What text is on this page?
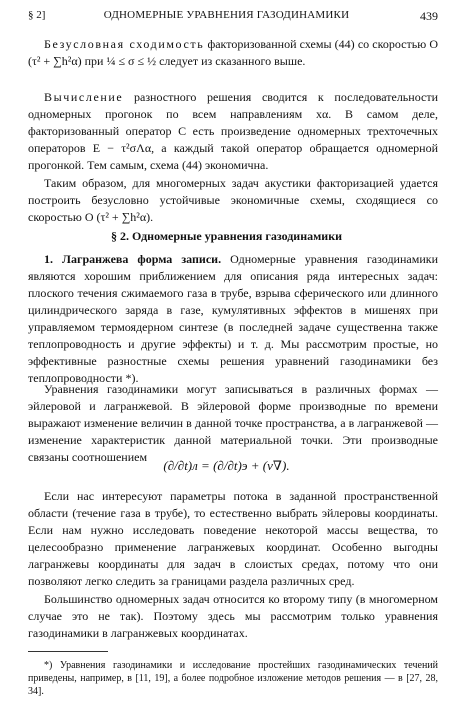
§ 2]	ОДНОМЕРНЫЕ УРАВНЕНИЯ ГАЗОДИНАМИКИ	439

Безусловная сходимость факторизованной схемы (44) со скоростью O (τ² + ∑h²α) при ¼ ≤ σ ≤ ½ следует из сказанного выше.

Вычисление разностного решения сводится к последовательности одномерных прогонок по всем направлениям xα. В самом деле, факторизованный оператор C есть произведение одномерных трехточечных операторов E − τ²σΛα, а каждый такой оператор обращается одномерной прогонкой. Тем самым, схема (44) экономична.

Таким образом, для многомерных задач акустики факторизацией удается построить безусловно устойчивые экономичные схемы, сходящиеся со скоростью O (τ² + ∑h²α).

§ 2. Одномерные уравнения газодинамики

1. Лагранжева форма записи. Одномерные уравнения газодинамики являются хорошим приближением для описания ряда интересных задач: плоского течения сжимаемого газа в трубе, взрыва сферического или длинного цилиндрического заряда в газе, кумулятивных эффектов в мишенях при управляемом термоядерном синтезе (в последней задаче существенна также теплопроводность и другие эффекты) и т. д. Мы рассмотрим простые, но эффективные разностные схемы решения уравнений газодинамики без теплопроводности *).

Уравнения газодинамики могут записываться в различных формах — эйлеровой и лагранжевой. В эйлеровой форме производные по времени выражают изменение величин в данной точке пространства, а в лагранжевой — изменение характеристик данной материальной точки. Эти производные связаны соотношением

(∂/∂t)л = (∂/∂t)э + (v∇).

Если нас интересуют параметры потока в заданной пространственной области (течение газа в трубе), то естественно выбрать эйлеровы координаты. Если нам нужно исследовать поведение некоторой массы вещества, то целесообразно применение лагранжевых координат. Особенно выгодны лагранжевы координаты для задач в слоистых средах, потому что они позволяют легко следить за границами раздела различных сред.

Большинство одномерных задач относится ко второму типу (в многомерном случае это не так). Поэтому здесь мы рассмотрим только уравнения газодинамики в лагранжевых координатах.

*) Уравнения газодинамики и исследование простейших газодинамических течений приведены, например, в [11, 19], а более подробное изложение методов решения — в [27, 28, 34].
